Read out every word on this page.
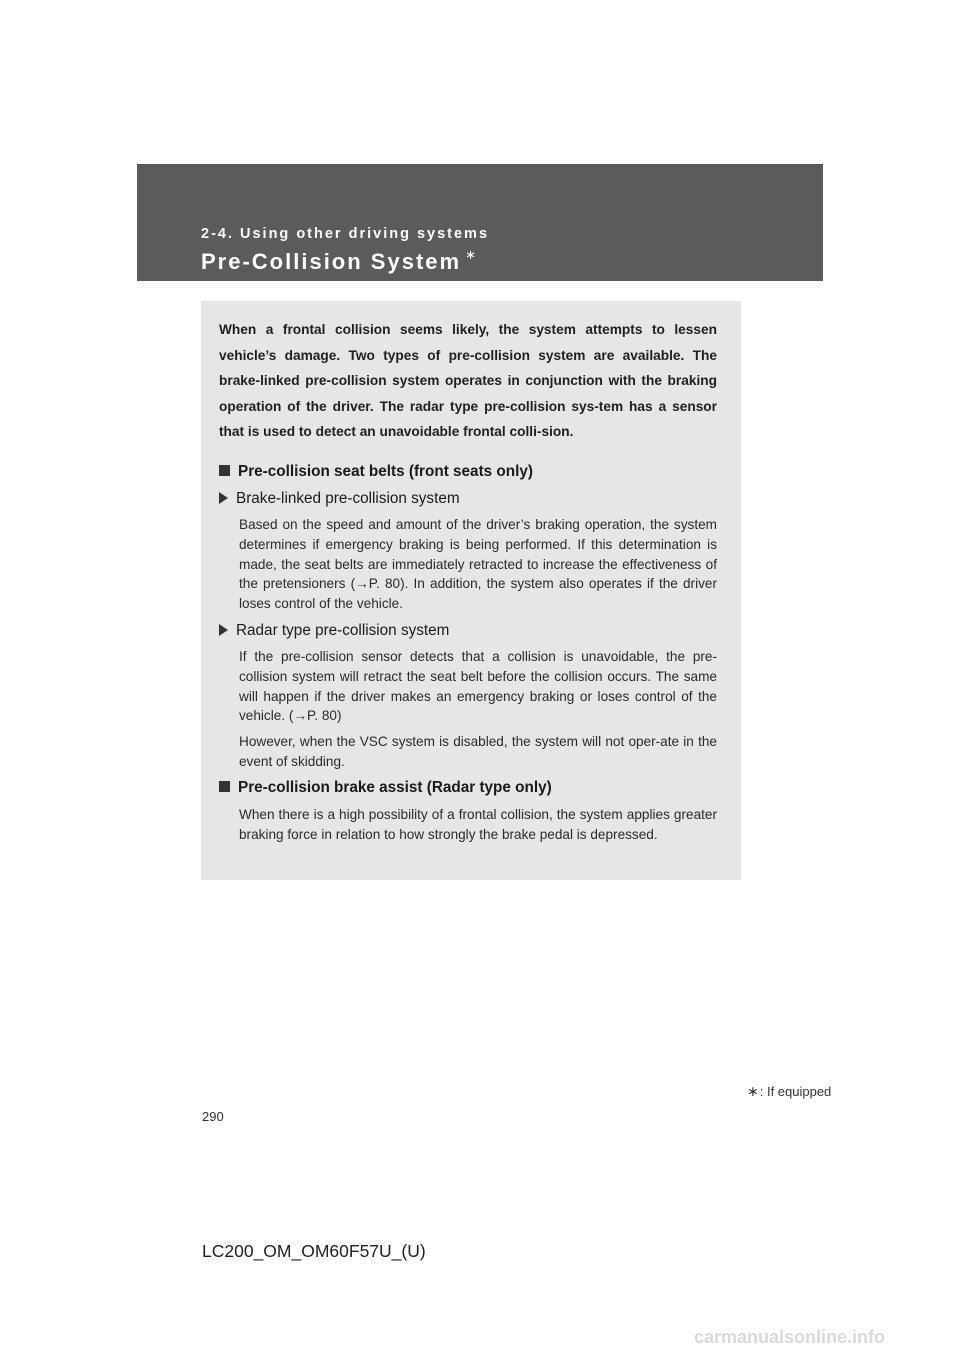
2-4. Using other driving systems
Pre-Collision System ∗

When a frontal collision seems likely, the system attempts to lessen vehicle’s damage. Two types of pre-collision system are available. The brake-linked pre-collision system operates in conjunction with the braking operation of the driver. The radar type pre-collision sys-tem has a sensor that is used to detect an unavoidable frontal colli-sion.

Pre-collision seat belts (front seats only)
Brake-linked pre-collision system

Based on the speed and amount of the driver’s braking operation, the system determines if emergency braking is being performed. If this determination is made, the seat belts are immediately retracted to increase the effectiveness of the pretensioners (→P. 80). In addition, the system also operates if the driver loses control of the vehicle.

Radar type pre-collision system

If the pre-collision sensor detects that a collision is unavoidable, the pre-collision system will retract the seat belt before the collision occurs. The same will happen if the driver makes an emergency braking or loses control of the vehicle. (→P. 80)

However, when the VSC system is disabled, the system will not oper-ate in the event of skidding.

Pre-collision brake assist (Radar type only)

When there is a high possibility of a frontal collision, the system applies greater braking force in relation to how strongly the brake pedal is depressed.

∗: If equipped
290
LC200_OM_OM60F57U_(U)
carmanualsonline.info
